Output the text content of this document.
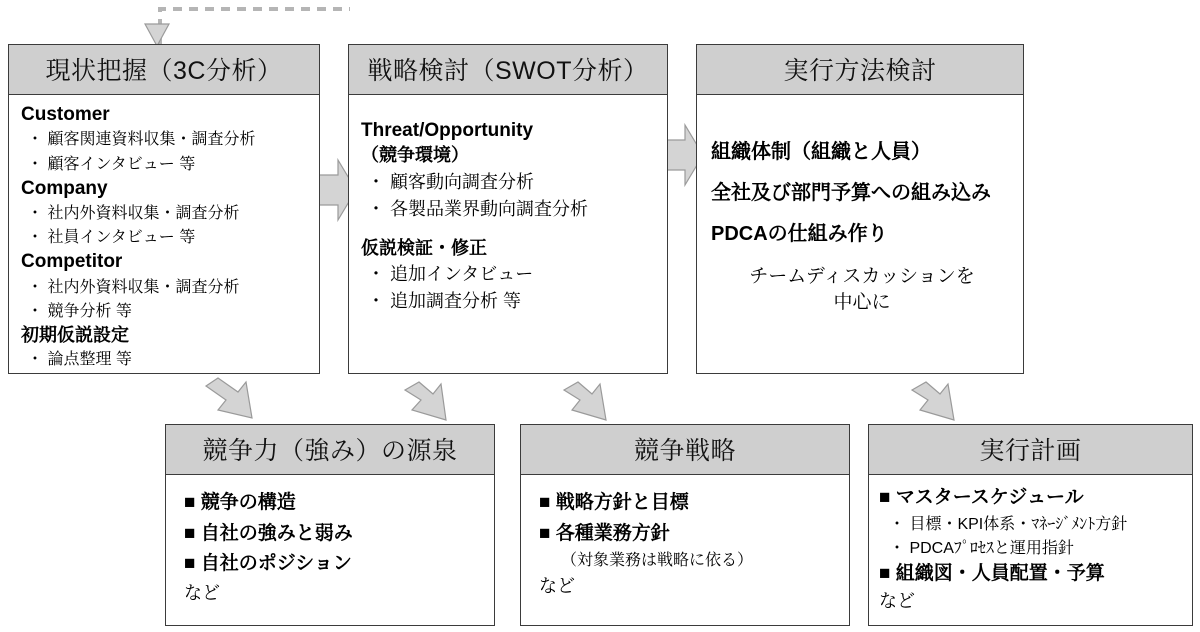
現状把握（3C分析）
Customer
・ 顧客関連資料収集・調査分析
・ 顧客インタビュー 等
Company
・ 社内外資料収集・調査分析
・ 社員インタビュー 等
Competitor
・ 社内外資料収集・調査分析
・ 競争分析 等
初期仮説設定
・ 論点整理 等
戦略検討（SWOT分析）
Threat/Opportunity
（競争環境）
・ 顧客動向調査分析
・ 各製品業界動向調査分析
仮説検証・修正
・ 追加インタビュー
・ 追加調査分析 等
実行方法検討
組織体制（組織と人員）
全社及び部門予算への組み込み
PDCAの仕組み作り
チームディスカッションを
中心に
競争力（強み）の源泉
■ 競争の構造
■ 自社の強みと弱み
■ 自社のポジション
など
競争戦略
■ 戦略方針と目標
■ 各種業務方針
（対象業務は戦略に依る）
など
実行計画
■ マスタースケジュール
・ 目標・KPI体系・ﾏﾈｰｼﾞﾒﾝﾄ方針
・ PDCAﾌﾟﾛｾｽと運用指針
■ 組織図・人員配置・予算
など
